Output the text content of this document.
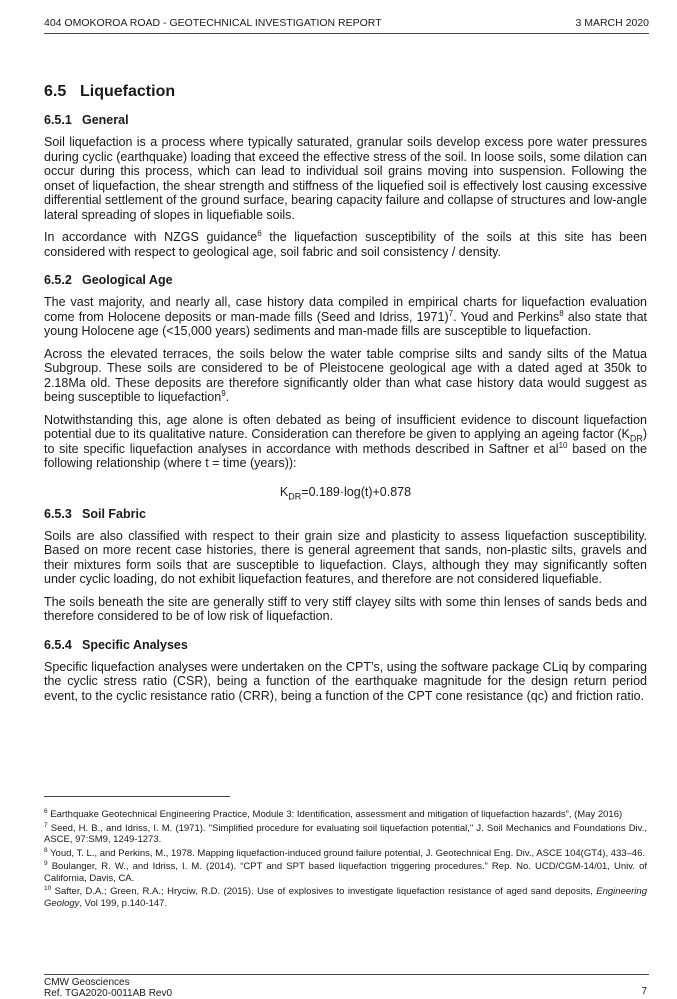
404 OMOKOROA ROAD - GEOTECHNICAL INVESTIGATION REPORT	3 MARCH 2020
6.5 Liquefaction
6.5.1 General

Soil liquefaction is a process where typically saturated, granular soils develop excess pore water pressures during cyclic (earthquake) loading that exceed the effective stress of the soil. In loose soils, some dilation can occur during this process, which can lead to individual soil grains moving into suspension. Following the onset of liquefaction, the shear strength and stiffness of the liquefied soil is effectively lost causing excessive differential settlement of the ground surface, bearing capacity failure and collapse of structures and low-angle lateral spreading of slopes in liquefiable soils.

In accordance with NZGS guidance$^6$ the liquefaction susceptibility of the soils at this site has been considered with respect to geological age, soil fabric and soil consistency / density.

6.5.2 Geological Age

The vast majority, and nearly all, case history data compiled in empirical charts for liquefaction evaluation come from Holocene deposits or man-made fills (Seed and Idriss, 1971)$^7$. Youd and Perkins$^8$ also state that young Holocene age (<15,000 years) sediments and man-made fills are susceptible to liquefaction.

Across the elevated terraces, the soils below the water table comprise silts and sandy silts of the Matua Subgroup. These soils are considered to be of Pleistocene geological age with a dated aged at 350k to 2.18Ma old. These deposits are therefore significantly older than what case history data would suggest as being susceptible to liquefaction$^9$.

Notwithstanding this, age alone is often debated as being of insufficient evidence to discount liquefaction potential due to its qualitative nature. Consideration can therefore be given to applying an ageing factor $(K_{DR})$ to site specific liquefaction analyses in accordance with methods described in Saftner et $al^{10}$ based on the following relationship (where t = time (years)):

$K_{DR}=0.189\cdot\log(t)+0.878$
6.5.3 Soil Fabric

Soils are also classified with respect to their grain size and plasticity to assess liquefaction susceptibility. Based on more recent case histories, there is general agreement that sands, non-plastic silts, gravels and their mixtures form soils that are susceptible to liquefaction. Clays, although they may significantly soften under cyclic loading, do not exhibit liquefaction features, and therefore are not considered liquefiable.

The soils beneath the site are generally stiff to very stiff clayey silts with some thin lenses of sands beds and therefore considered to be of low risk of liquefaction.

6.5.4 Specific Analyses

Specific liquefaction analyses were undertaken on the CPT’s, using the software package CLiq by comparing the cyclic stress ratio (CSR), being a function of the earthquake magnitude for the design return period event, to the cyclic resistance ratio (CRR), being a function of the CPT cone resistance (qc) and friction ratio.

$^6$ Earthquake Geotechnical Engineering Practice, Module 3: Identification, assessment and mitigation of liquefaction hazards”, (May 2016)

$^7$ Seed, H. B., and Idriss, I. M. (1971). "Simplified procedure for evaluating soil liquefaction potential," J. Soil Mechanics and Foundations Div., ASCE, 97:SM9, 1249-1273.

$^8$ Youd, T. L., and Perkins, M., 1978. Mapping liquefaction-induced ground failure potential, J. Geotechnical Eng. Div., ASCE 104(GT4), 433–46.

$^9$ Boulanger, R. W., and Idriss, I. M. (2014). “CPT and SPT based liquefaction triggering procedures.” Rep. No. UCD/CGM-14/01, Univ. of California, Davis, CA.

$^{10}$ Safter, D.A.; Green, R.A.; Hryciw, R.D. (2015). Use of explosives to investigate liquefaction resistance of aged sand deposits, Engineering Geology, Vol 199, p.140-147.

CMW Geosciences
Ref. TGA2020-0011AB Rev0	7
